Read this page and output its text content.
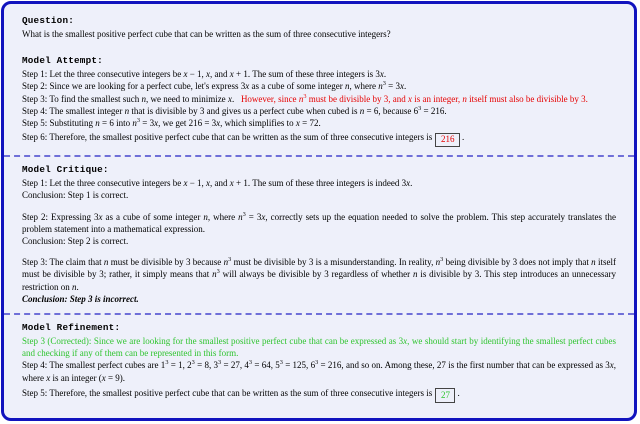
Question:

What is the smallest positive perfect cube that can be written as the sum of three consecutive integers?

Model Attempt:

Step 1: Let the three consecutive integers be x − 1, x, and x + 1. The sum of these three integers is 3x.

Step 2: Since we are looking for a perfect cube, let's express 3x as a cube of some integer n, where $n^3 = 3x$.

Step 3: To find the smallest such n, we need to minimize x.   However, since $n^3$ must be divisible by 3, and x is an integer, n itself must also be divisible by 3.

Step 4: The smallest integer n that is divisible by 3 and gives us a perfect cube when cubed is n = 6, because $6^3 = 216$.

Step 5: Substituting n = 6 into $n^3 = 3x$, we get 216 = 3x, which simplifies to x = 72.

Step 6: Therefore, the smallest positive perfect cube that can be written as the sum of three consecutive integers is 216 .

Model Critique:

Step 1: Let the three consecutive integers be x − 1, x, and x + 1. The sum of these three integers is indeed 3x.

Conclusion: Step 1 is correct.

Step 2: Expressing 3x as a cube of some integer n, where $n^3 = 3x$, correctly sets up the equation needed to solve the problem. This step accurately translates the problem statement into a mathematical expression.

Conclusion: Step 2 is correct.

Step 3: The claim that n must be divisible by 3 because $n^3$ must be divisible by 3 is a misunderstanding. In reality, $n^3$ being divisible by 3 does not imply that n itself must be divisible by 3; rather, it simply means that $n^3$ will always be divisible by 3 regardless of whether n is divisible by 3. This step introduces an unnecessary restriction on n.

Conclusion: Step 3 is incorrect.

Model Refinement:

Step 3 (Corrected): Since we are looking for the smallest positive perfect cube that can be expressed as 3x, we should start by identifying the smallest perfect cubes and checking if any of them can be represented in this form.

Step 4: The smallest perfect cubes are $1^3 = 1$, $2^3 = 8$, $3^3 = 27$, $4^3 = 64$, $5^3 = 125$, $6^3 = 216$, and so on. Among these, 27 is the first number that can be expressed as 3x, where x is an integer (x = 9).

Step 5: Therefore, the smallest positive perfect cube that can be written as the sum of three consecutive integers is 27 .
